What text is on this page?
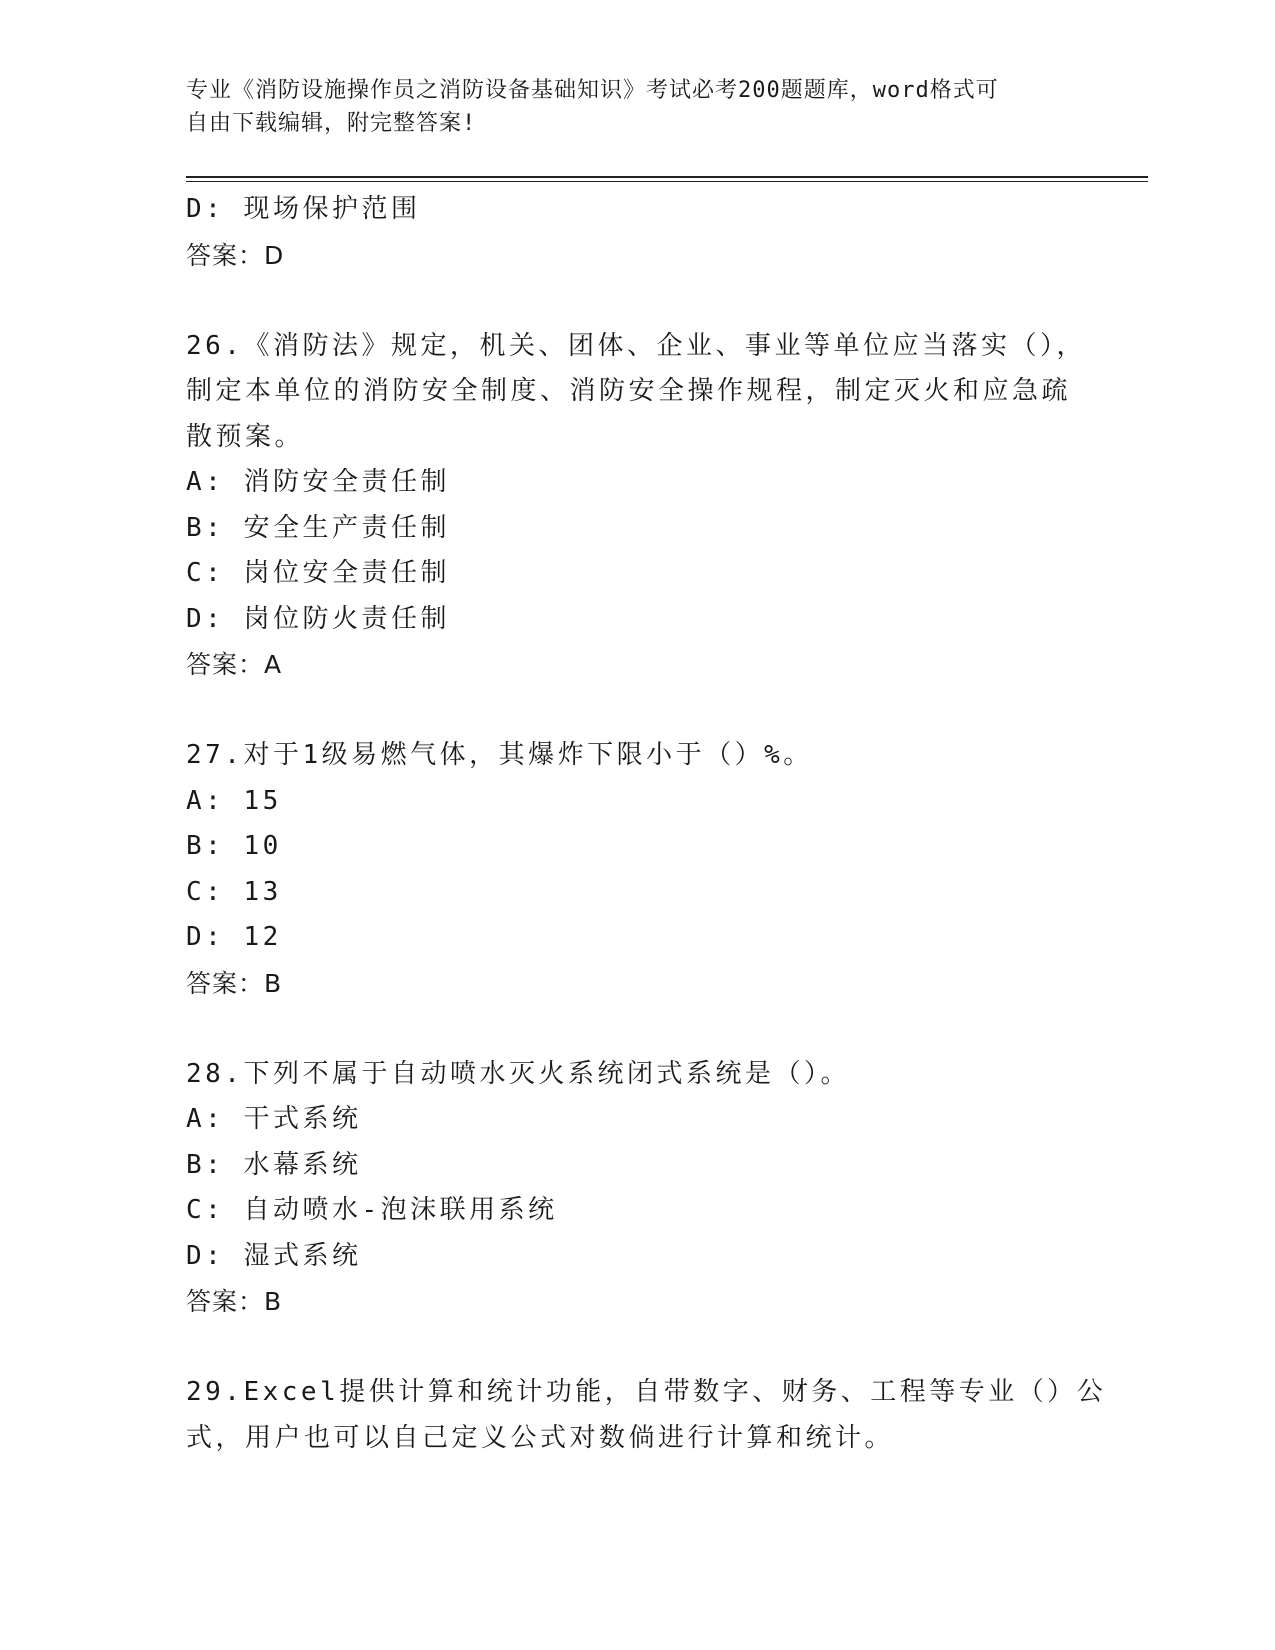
专业《消防设施操作员之消防设备基础知识》考试必考200题题库，word格式可
自由下载编辑，附完整答案!
D: 现场保护范围
答案：D
26.《消防法》规定，机关、团体、企业、事业等单位应当落实（），
制定本单位的消防安全制度、消防安全操作规程，制定灭火和应急疏
散预案。
A: 消防安全责任制
B: 安全生产责任制
C: 岗位安全责任制
D: 岗位防火责任制
答案：A
27.对于1级易燃气体，其爆炸下限小于（）%。
A: 15
B: 10
C: 13
D: 12
答案：B
28.下列不属于自动喷水灭火系统闭式系统是（）。
A: 干式系统
B: 水幕系统
C: 自动喷水-泡沫联用系统
D: 湿式系统
答案：B
29.Excel提供计算和统计功能，自带数字、财务、工程等专业（）公
式，用户也可以自己定义公式对数倘进行计算和统计。
